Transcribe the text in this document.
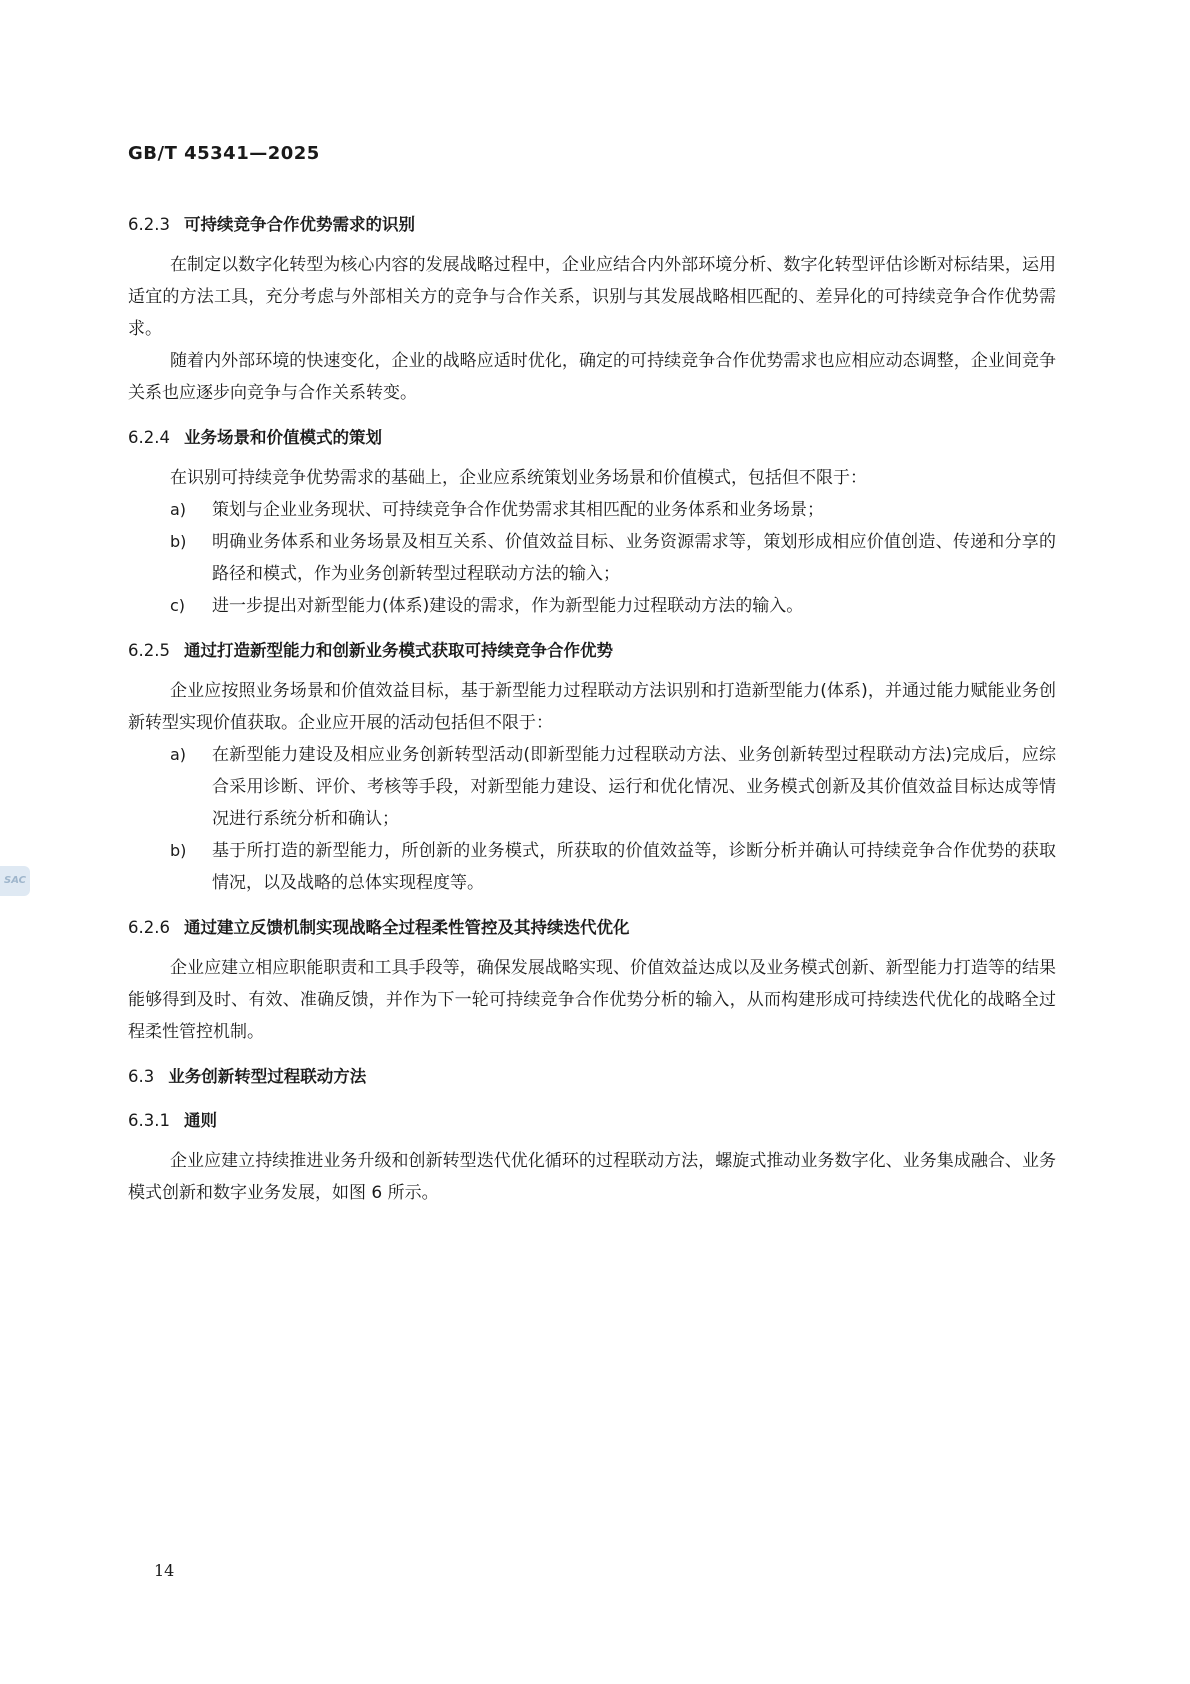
GB/T 45341—2025
SAC
6.2.3 可持续竞争合作优势需求的识别

在制定以数字化转型为核心内容的发展战略过程中，企业应结合内外部环境分析、数字化转型评估诊断对标结果，运用适宜的方法工具，充分考虑与外部相关方的竞争与合作关系，识别与其发展战略相匹配的、差异化的可持续竞争合作优势需求。

随着内外部环境的快速变化，企业的战略应适时优化，确定的可持续竞争合作优势需求也应相应动态调整，企业间竞争关系也应逐步向竞争与合作关系转变。

6.2.4 业务场景和价值模式的策划

在识别可持续竞争优势需求的基础上，企业应系统策划业务场景和价值模式，包括但不限于：

a) 策划与企业业务现状、可持续竞争合作优势需求其相匹配的业务体系和业务场景；
b) 明确业务体系和业务场景及相互关系、价值效益目标、业务资源需求等，策划形成相应价值创造、传递和分享的路径和模式，作为业务创新转型过程联动方法的输入；
c) 进一步提出对新型能力(体系)建设的需求，作为新型能力过程联动方法的输入。
6.2.5 通过打造新型能力和创新业务模式获取可持续竞争合作优势

企业应按照业务场景和价值效益目标，基于新型能力过程联动方法识别和打造新型能力(体系)，并通过能力赋能业务创新转型实现价值获取。企业应开展的活动包括但不限于：

a) 在新型能力建设及相应业务创新转型活动(即新型能力过程联动方法、业务创新转型过程联动方法)完成后，应综合采用诊断、评价、考核等手段，对新型能力建设、运行和优化情况、业务模式创新及其价值效益目标达成等情况进行系统分析和确认；
b) 基于所打造的新型能力，所创新的业务模式，所获取的价值效益等，诊断分析并确认可持续竞争合作优势的获取情况，以及战略的总体实现程度等。
6.2.6 通过建立反馈机制实现战略全过程柔性管控及其持续迭代优化

企业应建立相应职能职责和工具手段等，确保发展战略实现、价值效益达成以及业务模式创新、新型能力打造等的结果能够得到及时、有效、准确反馈，并作为下一轮可持续竞争合作优势分析的输入，从而构建形成可持续迭代优化的战略全过程柔性管控机制。

6.3 业务创新转型过程联动方法
6.3.1 通则

企业应建立持续推进业务升级和创新转型迭代优化循环的过程联动方法，螺旋式推动业务数字化、业务集成融合、业务模式创新和数字业务发展，如图 6 所示。

14
